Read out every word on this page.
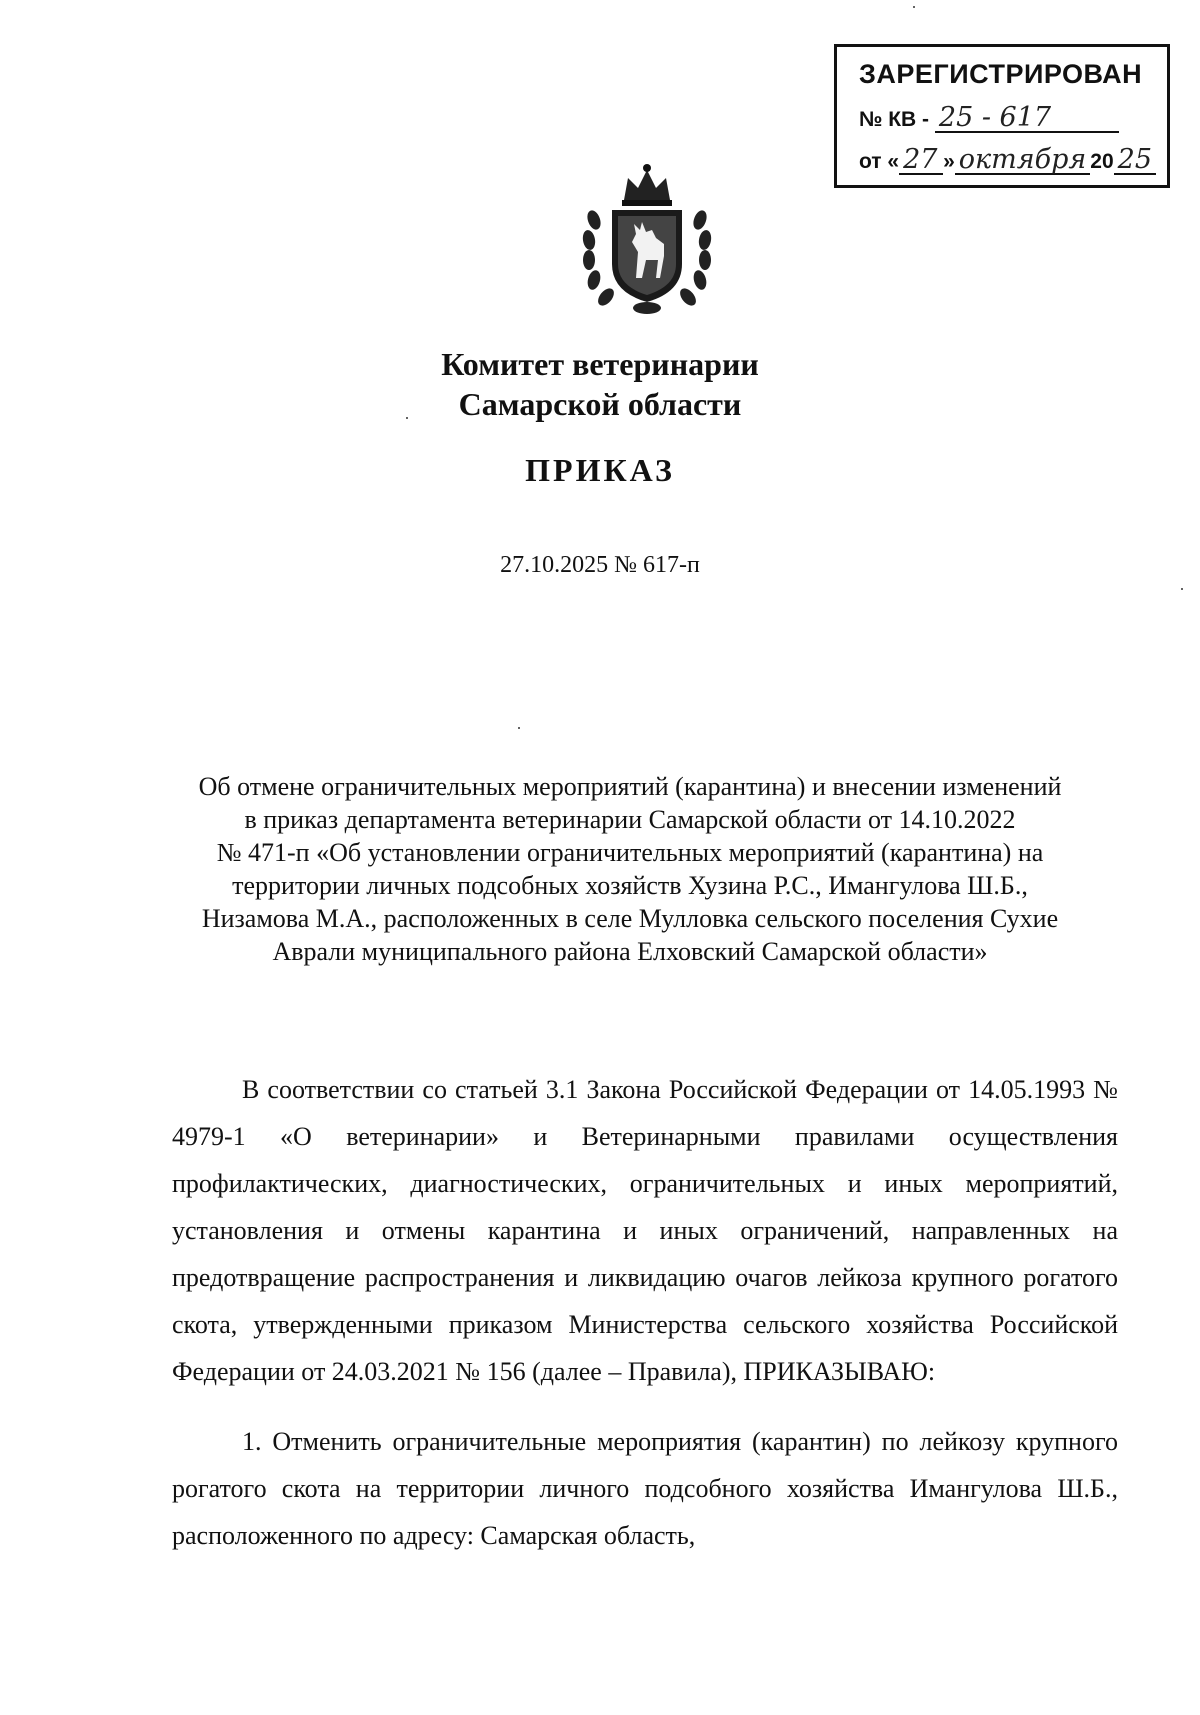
ЗАРЕГИСТРИРОВАН
№ КВ - 25 - 617
от « 27 » октября 20 25
Комитет ветеринарии
Самарской области
ПРИКАЗ
27.10.2025 № 617-п
Об отмене ограничительных мероприятий (карантина) и внесении изменений
в приказ департамента ветеринарии Самарской области от 14.10.2022
№ 471-п «Об установлении ограничительных мероприятий (карантина) на
территории личных подсобных хозяйств Хузина Р.С., Имангулова Ш.Б.,
Низамова М.А., расположенных в селе Мулловка сельского поселения Сухие
Аврали муниципального района Елховский Самарской области»

В соответствии со статьей 3.1 Закона Российской Федерации от 14.05.1993 № 4979-1 «О ветеринарии» и Ветеринарными правилами осуществления профилактических, диагностических, ограничительных и иных мероприятий, установления и отмены карантина и иных ограничений, направленных на предотвращение распространения и ликвидацию очагов лейкоза крупного рогатого скота, утвержденными приказом Министерства сельского хозяйства Российской Федерации от 24.03.2021 № 156 (далее – Правила), ПРИКАЗЫВАЮ:

1. Отменить ограничительные мероприятия (карантин) по лейкозу крупного рогатого скота на территории личного подсобного хозяйства Имангулова Ш.Б., расположенного по адресу: Самарская область,
